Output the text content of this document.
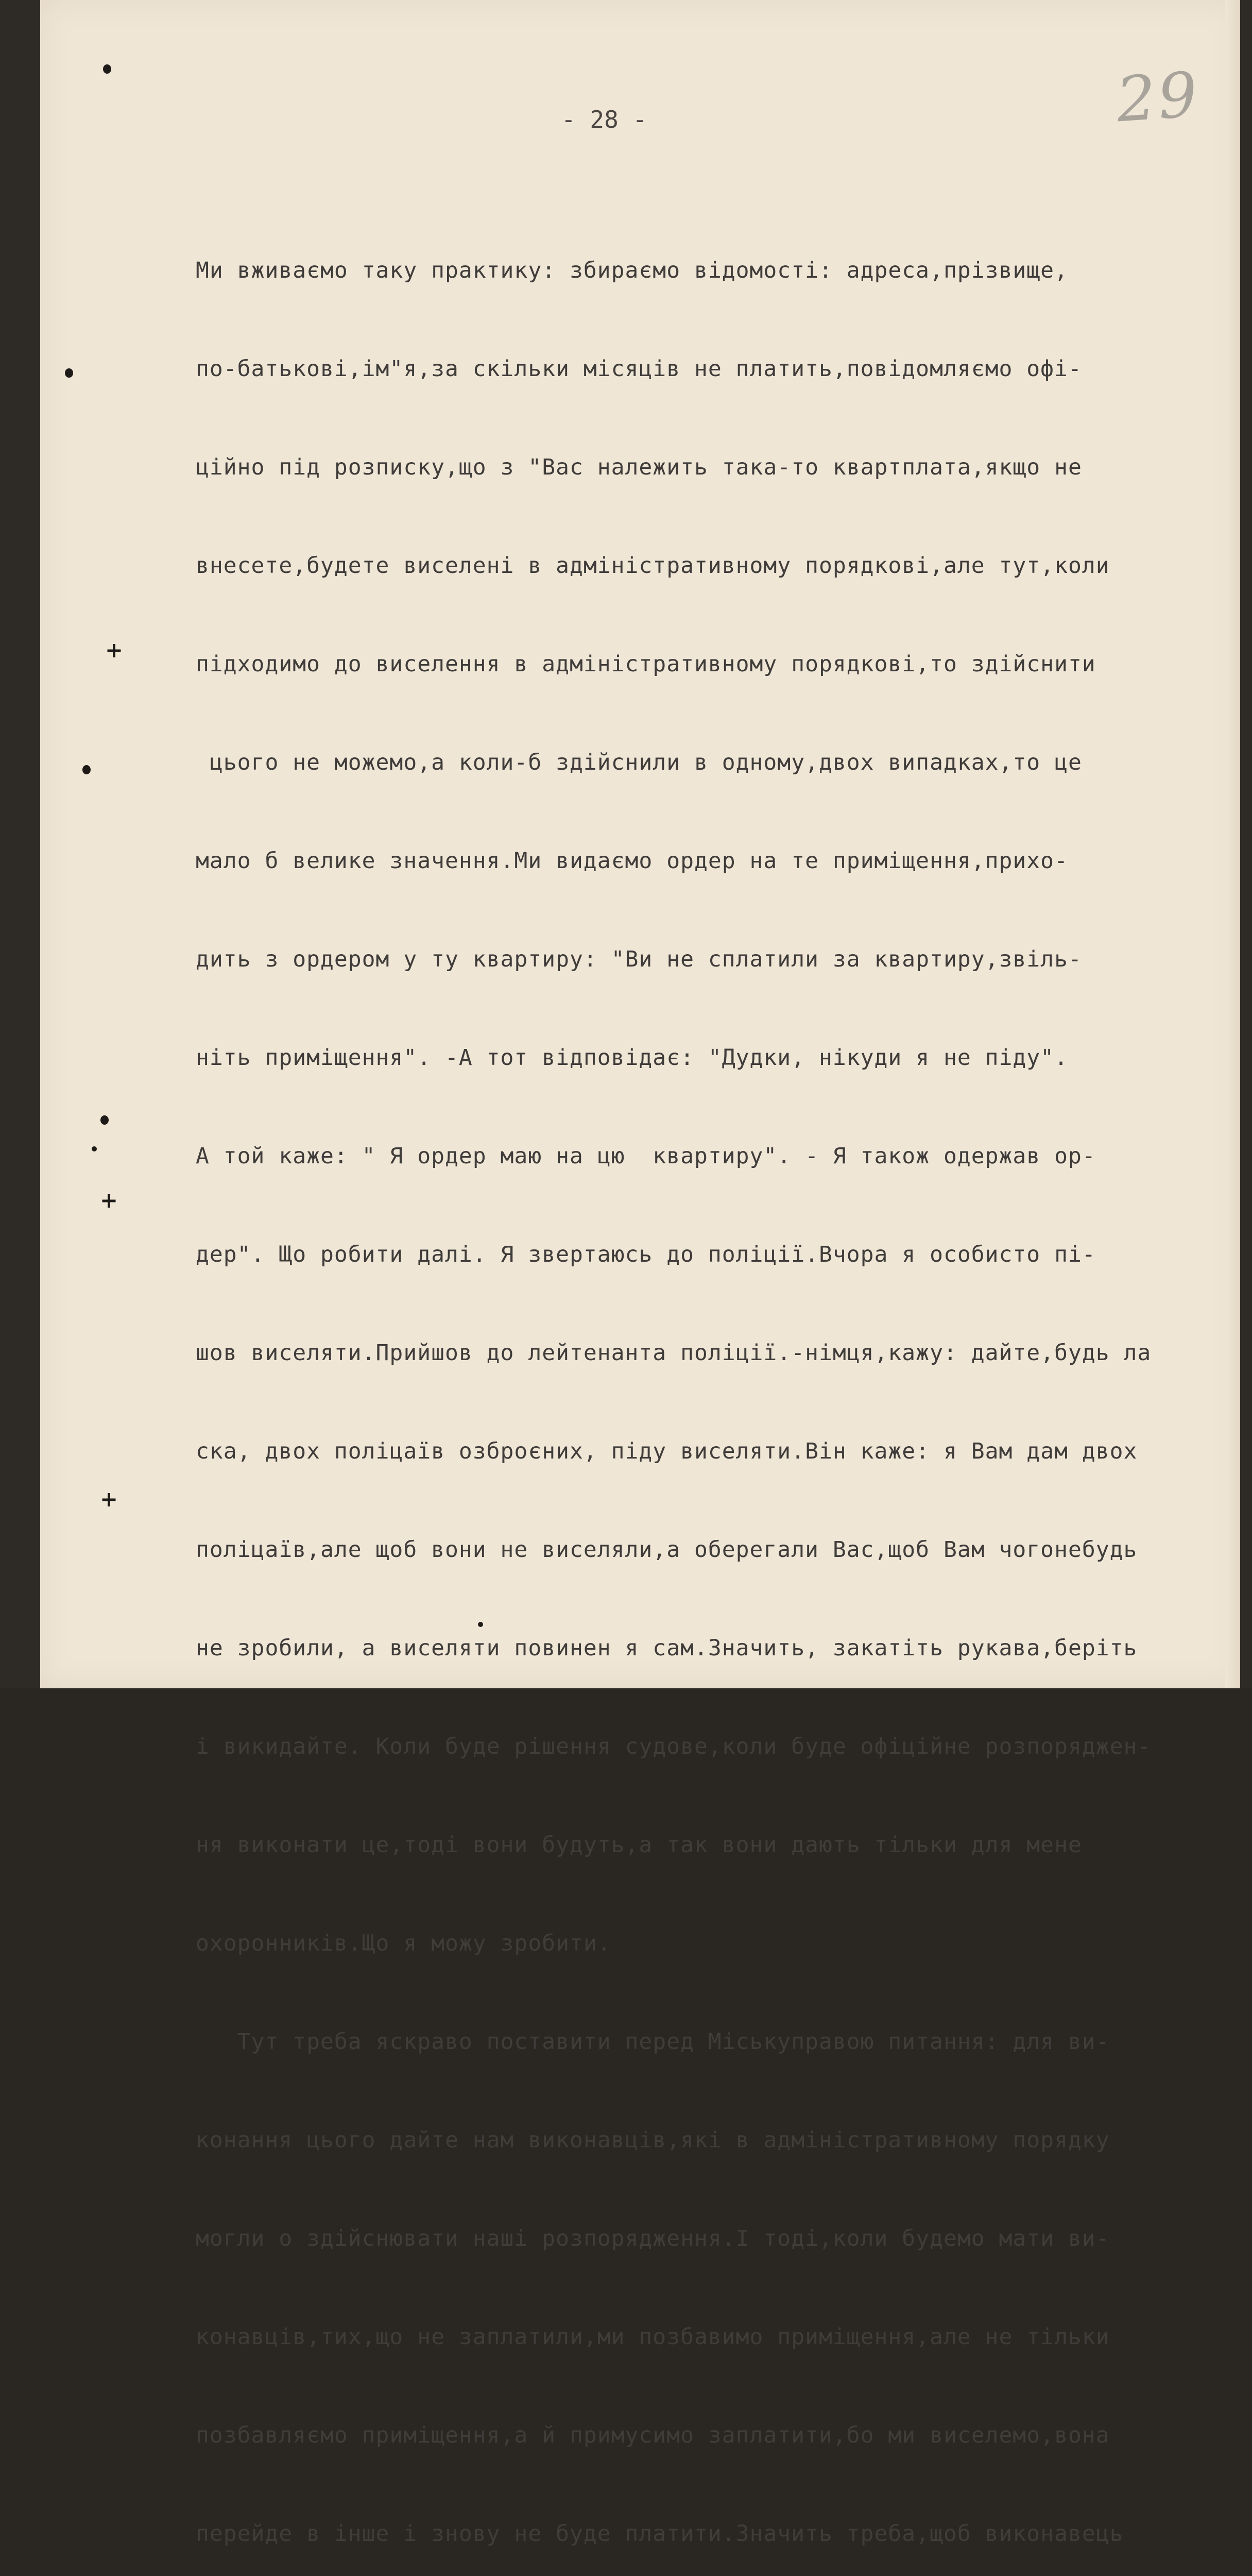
29
- 28 -

Ми вживаємо таку практику: збираємо відомості: адреса,прізвище,

по-батькові,ім"я,за скільки місяців не платить,повідомляємо офі-

ційно під розписку,що з "Вас належить така-то квартплата,якщо не

внесете,будете виселені в адміністративному порядкові,але тут,коли

підходимо до виселення в адміністративному порядкові,то здійснити

цього не можемо,а коли-б здійснили в одному,двох випадках,то це

мало б велике значення.Ми видаємо ордер на те приміщення,прихо-

дить з ордером у ту квартиру: "Ви не сплатили за квартиру,звіль-

ніть приміщення". -А тот відповідає: "Дудки, нікуди я не піду".

А той каже: " Я ордер маю на цю  квартиру". - Я також одержав ор-

дер". Що робити далі. Я звертаюсь до поліції.Вчора я особисто пі-

шов виселяти.Прийшов до лейтенанта поліції.-німця,кажу: дайте,будь ла

ска, двох поліцаїв озброєних, піду виселяти.Він каже: я Вам дам двох

поліцаїв,але щоб вони не виселяли,а оберегали Вас,щоб Вам чогонебудь

не зробили, а виселяти повинен я сам.Значить, закатіть рукава,беріть

і викидайте. Коли буде рішення судове,коли буде офіційне розпоряджен-

ня виконати це,тоді вони будуть,а так вони дають тільки для мене

охоронників.Що я можу зробити.

Тут треба яскраво поставити перед Міськуправою питання: для ви-

конання цього дайте нам виконавців,які в адміністративному порядку

могли о здійснювати наші розпорядження.І тоді,коли будемо мати ви-

конавців,тих,що не заплатили,ми позбавимо приміщення,але не тільки

позбавляємо приміщення,а й примусимо заплатити,бо ми виселемо,вона

перейде в інше і знову не буде платити.Значить треба,щоб виконавець
